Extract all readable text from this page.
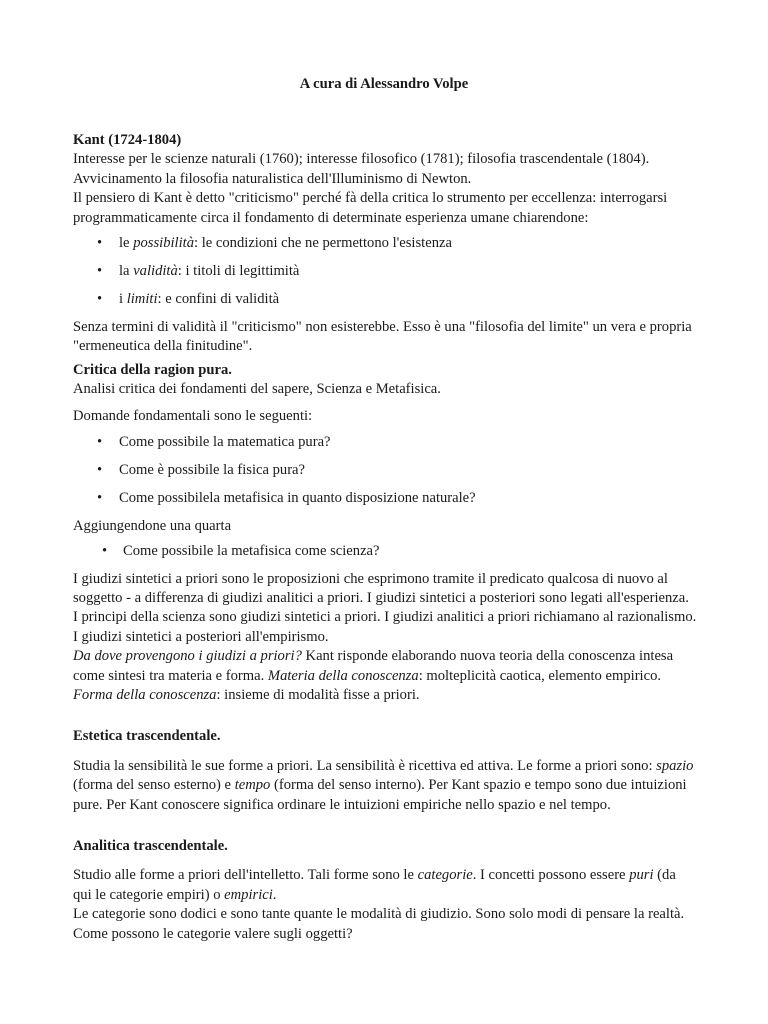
A cura di Alessandro Volpe

Kant (1724-1804)

Interesse per le scienze naturali (1760); interesse filosofico (1781); filosofia trascendentale (1804). Avvicinamento la filosofia naturalistica dell'Illuminismo di Newton.

Il pensiero di Kant è detto "criticismo" perché fà della critica lo strumento per eccellenza: interrogarsi programmaticamente circa il fondamento di determinate esperienza umane chiarendone:

• le possibilità: le condizioni che ne permettono l'esistenza
• la validità: i titoli di legittimità
• i limiti: e confini di validità

Senza termini di validità il "criticismo" non esisterebbe. Esso è una "filosofia del limite" un vera e propria "ermeneutica della finitudine".

Critica della ragion pura.

Analisi critica dei fondamenti del sapere, Scienza e Metafisica.

Domande fondamentali sono le seguenti:

• Come possibile la matematica pura?
• Come è possibile la fisica pura?
• Come possibilela metafisica in quanto disposizione naturale?

Aggiungendone una quarta

• Come possibile la metafisica come scienza?

I giudizi sintetici a priori sono le proposizioni che esprimono tramite il predicato qualcosa di nuovo al soggetto - a differenza di giudizi analitici a priori. I giudizi sintetici a posteriori sono legati all'esperienza. I principi della scienza sono giudizi sintetici a priori. I giudizi analitici a priori richiamano al razionalismo. I giudizi sintetici a posteriori all'empirismo.

Da dove provengono i giudizi a priori? Kant risponde elaborando nuova teoria della conoscenza intesa come sintesi tra materia e forma. Materia della conoscenza: molteplicità caotica, elemento empirico. Forma della conoscenza: insieme di modalità fisse a priori.

Estetica trascendentale.

Studia la sensibilità le sue forme a priori. La sensibilità è ricettiva ed attiva. Le forme a priori sono: spazio (forma del senso esterno) e tempo (forma del senso interno). Per Kant spazio e tempo sono due intuizioni pure. Per Kant conoscere significa ordinare le intuizioni empiriche nello spazio e nel tempo.

Analitica trascendentale.

Studio alle forme a priori dell'intelletto. Tali forme sono le categorie. I concetti possono essere puri (da qui le categorie empiri) o empirici.

Le categorie sono dodici e sono tante quante le modalità di giudizio. Sono solo modi di pensare la realtà. Come possono le categorie valere sugli oggetti?
